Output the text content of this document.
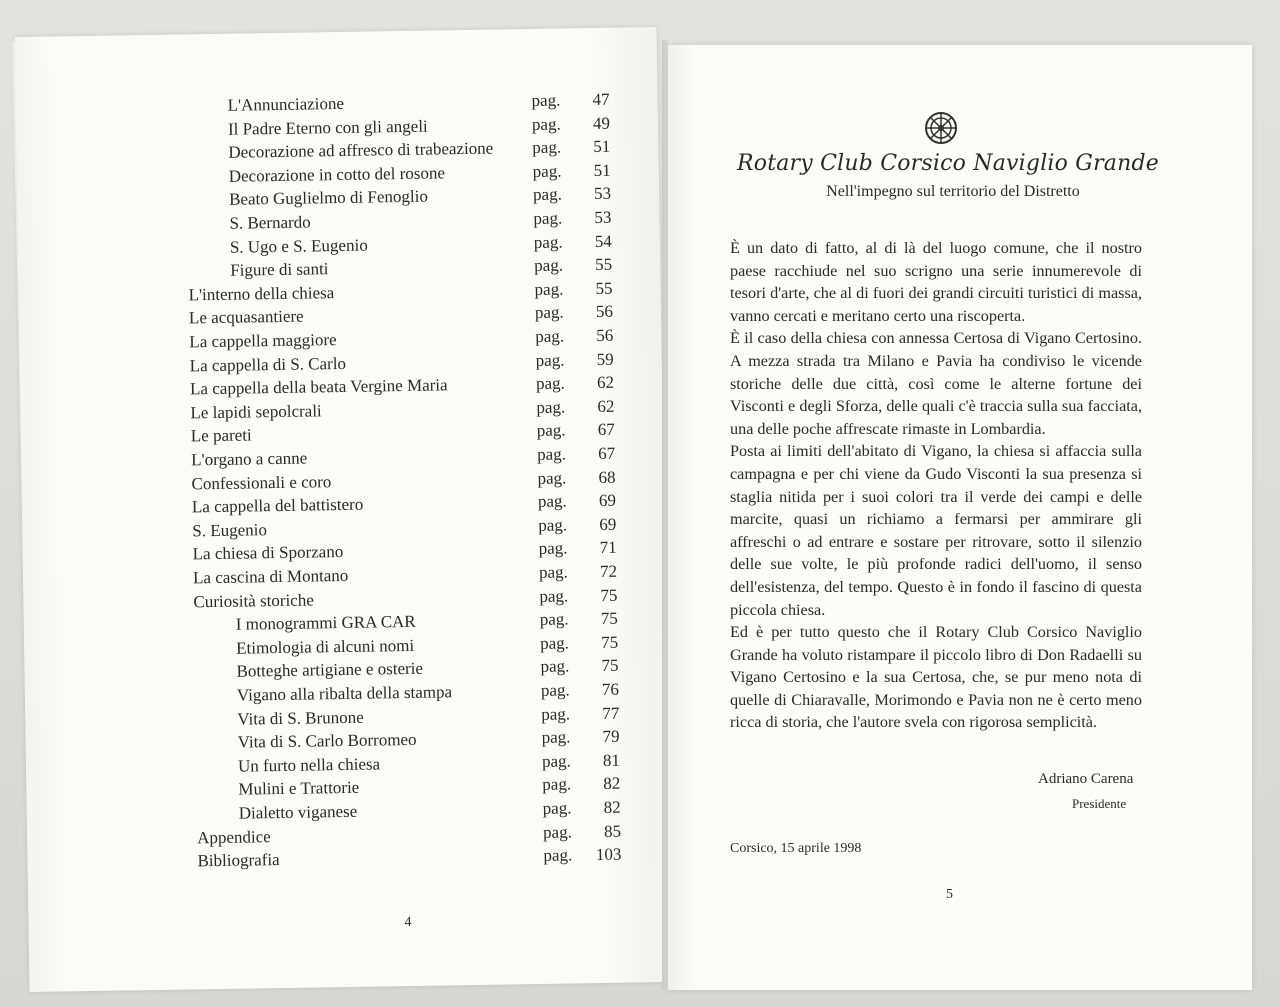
L'Annunciazione	pag.	47
Il Padre Eterno con gli angeli	pag.	49
Decorazione ad affresco di trabeazione pag.	51
Decorazione in cotto del rosone	pag.	51
Beato Guglielmo di Fenoglio	pag.	53
S. Bernardo	pag.	53
S. Ugo e S. Eugenio	pag.	54
Figure di santi	pag.	55
L'interno della chiesa	pag.	55
Le acquasantiere	pag.	56
La cappella maggiore	pag.	56
La cappella di S. Carlo	pag.	59
La cappella della beata Vergine Maria	pag.	62
Le lapidi sepolcrali	pag.	62
Le pareti	pag.	67
L'organo a canne	pag.	67
Confessionali e coro	pag.	68
La cappella del battistero	pag.	69
S. Eugenio	pag.	69
La chiesa di Sporzano	pag.	71
La cascina di Montano	pag.	72
Curiosità storiche	pag.	75
I monogrammi GRA CAR	pag.	75
Etimologia di alcuni nomi	pag.	75
Botteghe artigiane e osterie	pag.	75
Vigano alla ribalta della stampa	pag.	76
Vita di S. Brunone	pag.	77
Vita di S. Carlo Borromeo	pag.	79
Un furto nella chiesa	pag.	81
Mulini e Trattorie	pag.	82
Dialetto viganese	pag.	82
Appendice	pag.	85
Bibliografia	pag.	103
4
Rotary Club Corsico Naviglio Grande
Nell'impegno sul territorio del Distretto

È un dato di fatto, al di là del luogo comune, che il nostro paese racchiude nel suo scrigno una serie innumerevole di tesori d'arte, che al di fuori dei grandi circuiti turistici di massa, vanno cercati e meritano certo una riscoperta.

È il caso della chiesa con annessa Certosa di Vigano Certosino. A mezza strada tra Milano e Pavia ha condiviso le vicende storiche delle due città, così come le alterne fortune dei Visconti e degli Sforza, delle quali c'è traccia sulla sua facciata, una delle poche affrescate rimaste in Lombardia.

Posta ai limiti dell'abitato di Vigano, la chiesa si affaccia sulla campagna e per chi viene da Gudo Visconti la sua presenza si staglia nitida per i suoi colori tra il verde dei campi e delle marcite, quasi un richiamo a fermarsi per ammirare gli affreschi o ad entrare e sostare per ritrovare, sotto il silenzio delle sue volte, le più profonde radici dell'uomo, il senso dell'esistenza, del tempo. Questo è in fondo il fascino di questa piccola chiesa.

Ed è per tutto questo che il Rotary Club Corsico Naviglio Grande ha voluto ristampare il piccolo libro di Don Radaelli su Vigano Certosino e la sua Certosa, che, se pur meno nota di quelle di Chiaravalle, Morimondo e Pavia non ne è certo meno ricca di storia, che l'autore svela con rigorosa semplicità.

Adriano Carena
Presidente
Corsico, 15 aprile 1998
5
